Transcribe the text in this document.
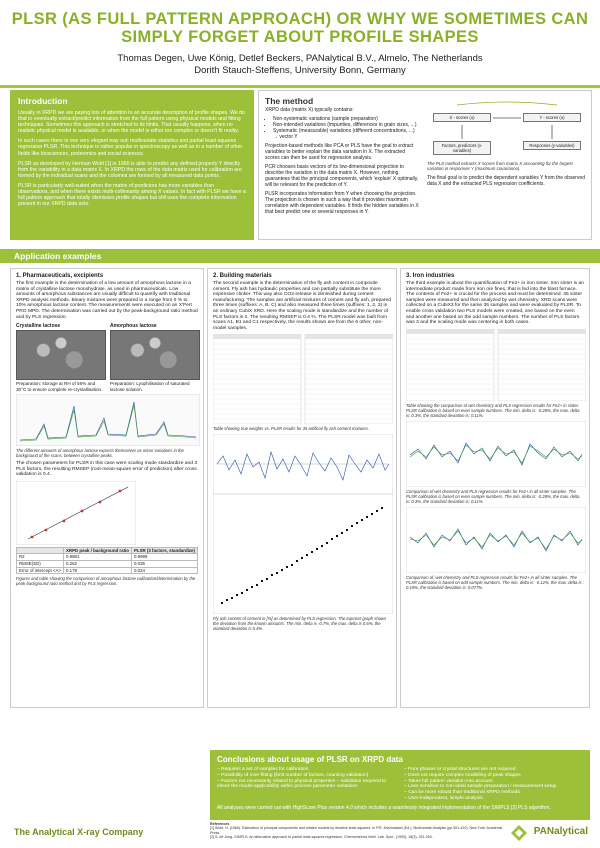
PLSR (AS FULL PATTERN APPROACH) OR WHY WE SOMETIMES CAN SIMPLY FORGET ABOUT PROFILE SHAPES
Thomas Degen, Uwe König, Detlef Beckers, PANalytical B.V., Almelo, The Netherlands
Dorith Stauch-Steffens, University Bonn, Germany
Introduction

Usually in XRPD we are paying lots of attention to an accurate description of profile shapes. We do that to eventually extract/predict information from the full pattern using physical models and fitting techniques. Sometimes this approach is stretched to its limits. That usually happens, when no realistic physical model is available, or when the model is either too complex or doesn't fit reality.

In such cases there is one very elegant way out: multivariate statistics and partial least-squares regression PLSR. This technique is rather popular in spectroscopy as well as in a number of other fields like biosciences, proteomics and social sciences.

PLSR as developed by Herman Wold [1] in 1960 is able to predict any defined property Y directly from the variability in a data matrix X. In XRPD the rows of the data matrix used for calibration are formed by the individual scans and the columns are formed by all measured data points.

PLSR is particularly well-suited when the matrix of predictors has more variables than observations, and when there exists multi-collinearity among X values. In fact with PLSR we have a full pattern approach that totally dismisses profile shapes but still uses the complete information present in our XRPD data sets.

The method

XRPD data (matrix X) typically contains:

• Non-systematic variations (sample preparation)
• Non-intended variations (impurities, differences in grain sizes, ...)
• Systematic (measurable) variations (different concentrations, ...) → vector Y

Projection-based methods like PCA or PLS have the goal to extract variables to better explain the data variation in X. The extracted scores can then be used for regression analysis.

PCR chooses basis vectors of its low-dimensional projection to describe the variation in the data matrix X. However, nothing guarantees that the principal components, which 'explain' X optimally, will be relevant for the prediction of Y.

PLSR incorporates information from Y when choosing the projection. The projection is chosen in such a way that it provides maximum correlation with dependent variables. It finds the hidden variables in X that best predict one or several responses in Y.

X - scores (u)	Y - scores (u)
Factors, predictors (x-variables)
Responses (y-variables)

The PLS method extracts X scores from matrix X accounting for the largest variation in responses Y (maximum covariance).

The final goal is to predict the dependent variables Y from the observed data X and the extracted PLS regression coefficients.

Application examples
1. Pharmaceuticals, excipients
The first example is the determination of a low amount of amorphous lactose in a matrix of crystalline lactose monohydrate, as used in pharmaceuticals. Low amounts of amorphous substances are usually difficult to quantify with traditional XRPD analysis methods. Binary mixtures were prepared in a range from 0 % to 10% amorphous lactose content. The measurements were executed on an X'Pert PRO MPD. The determination was carried out by the peak-background ratio method and by PLS regression.
Crystalline lactose
Preparation: storage at RH of 56% and 30°C to ensure complete re-crystallisation.
Amorphous lactose
Preparation: Lyophilisation of saturated lactose solution.
The different amounts of amorphous lactose express themselves as minor variations in the background of the scans, between crystalline peaks.
The chosen parameters for PLSR in this case were scaling mode standardize and 3 PLS factors, the resulting RMSEP (root-mean-square error of prediction) after cross validation is 0.4.
	XRPD peak / background ratio	PLSR (3 factors, standardize)
R2	0.9981	0.9999
RMSE(SD)	0.262	0.035
Error of intercept <A>	0.178	0.024
Figures and table showing the comparison of amorphous lactose calibration/determination by the peak-background ratio method and by PLS regression.
2. Building materials
The second example is the determination of the fly ash content in composite cement. Fly ash has hydraulic properties and can partially substitute the more expensive clinker. This way also CO2-release is diminished during cement manufacturing. The samples are artificial mixtures of cement and fly ash, prepared three times (suffixes: A, B, C) and also measured three times (suffixes: 1, 2, 3) in an ordinary CubiX XRD. Here the scaling mode is standardize and the number of PLS factors is 2. The resulting RMSEP is 0.4 %. The PLSR model was built from scans A1, B1 and C1 respectively, the results shown are from the 6 other, non-model samples.
Table showing true weights vs. PLSR results for 35 artificial fly ash cement mixtures.
Fly ash content of cement in [%] as determined by PLS regression. The topmost graph shows the deviation from the known amounts. The min. delta is -0.7%, the max. delta is 0.6%, the standard deviation is 0.4%.
3. Iron industries
The third example is about the quantification of Fe2+ in iron sinter. Iron sinter is an intermediate product made from iron ore fines, that is fed into the blast furnace. The contents of Fe2+ is crucial for the process and must be determined. 35 sinter samples were measured and then analyzed by wet chemistry. XRD scans were collected on a CubiX3 for the same 35 samples and were evaluated by PLSR. To enable cross validation two PLS models were created, one based on the even and another one based on the odd sample numbers. The number of PLS factors was 3 and the scaling mode was centering in both cases.
Table showing the comparison of wet chemistry and PLS regression results for Fe2+ in sinter. PLSR calibration is based on even sample numbers. The min. delta is: -0.28%, the max. delta is: 0.3%, the standard deviation is: 0.11%.
Comparison of wet chemistry and PLS regression results for Fe2+ in all sinter samples. The PLSR calibration is based on even sample numbers. The min. delta is: -0.28%, the max. delta is: 0.3%, the standard deviation is: 0.11%.
Comparison of, wet chemistry and PLS regression results for Fe2+ in all sinter samples. The PLSR calibration is based on odd sample numbers. The min. delta is: -0.12%, the max. delta is : 0.19%, the standard deviation is: 0.077%.
Conclusions about usage of PLSR on XRPD data
– Requires a set of samples for calibration
– Possibility of over-fitting (limit number of factors, counting validation)
– Factors not necessarily related to physical properties – validation required to check the model applicability within process parameter variations
– Pure phases or crystal structures are not required
– Does not require complex modelling of peak shapes
– Takes full pattern variation into account
– Less sensitive to non-ideal sample preparation / measurement setup
– Can be more robust than traditional XRPD methods
– User-independent, simple analysis
All analyses were carried out with HighScore Plus version 4.0 which includes a seamlessly integrated implementation of the SIMPLS [2] PLS algorithm.
The Analytical X-ray Company
References
[1] Wold, H. (1966). Estimation of principal components and related models by iterative least squares. In P.R. Krishnaiaah (Ed.), Multivariate Analysis (pp.391-420). New York: Academic Press.
[2] S. de Jong, SIMPLS: An alternative approach to partial least squares regression, Chemometrics Intell. Lab. Syst., (1993), 18(3), 251-263.
PANalytical
